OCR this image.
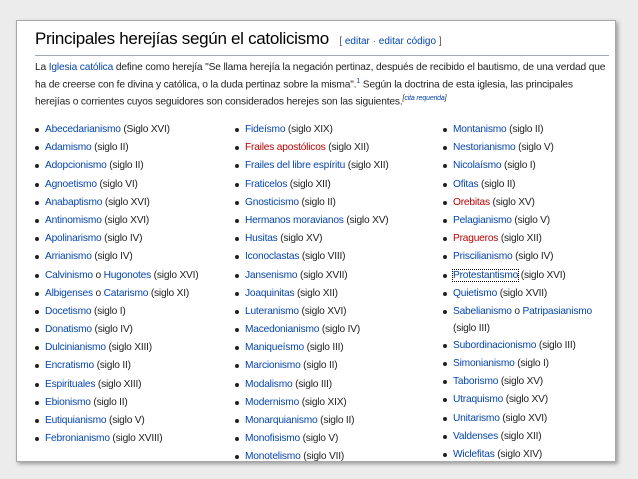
Principales herejías según el catolicismo [ editar · editar código ]

La Iglesia católica define como herejía "Se llama herejía la negación pertinaz, después de recibido el bautismo, de una verdad que ha de creerse con fe divina y católica, o la duda pertinaz sobre la misma".$^1$ Según la doctrina de esta iglesia, las principales herejías o corrientes cuyos seguidores son considerados herejes son las siguientes.[cita requerida]

Abecedarianismo (Siglo XVI)
Adamismo (siglo II)
Adopcionismo (siglo II)
Agnoetismo (siglo VI)
Anabaptismo (siglo XVI)
Antinomismo (siglo XVI)
Apolinarismo (siglo IV)
Arrianismo (siglo IV)
Calvinismo o Hugonotes (siglo XVI)
Albigenses o Catarismo (siglo XI)
Docetismo (siglo I)
Donatismo (siglo IV)
Dulcinianismo (siglo XIII)
Encratismo (siglo II)
Espirituales (siglo XIII)
Ebionismo (siglo II)
Eutiquianismo (siglo V)
Febronianismo (siglo XVIII)
Fideísmo (siglo XIX)
Frailes apostólicos (siglo XII)
Frailes del libre espíritu (siglo XII)
Fraticelos (siglo XII)
Gnosticismo (siglo II)
Hermanos moravianos (siglo XV)
Husitas (siglo XV)
Iconoclastas (siglo VIII)
Jansenismo (siglo XVII)
Joaquinitas (siglo XII)
Luteranismo (siglo XVI)
Macedonianismo (siglo IV)
Maniqueísmo (siglo III)
Marcionismo (siglo II)
Modalismo (siglo III)
Modernismo (siglo XIX)
Monarquianismo (siglo II)
Monofisismo (siglo V)
Monotelismo (siglo VII)
Montanismo (siglo II)
Nestorianismo (siglo V)
Nicolaísmo (siglo I)
Ofitas (siglo II)
Orebitas (siglo XV)
Pelagianismo (siglo V)
Pragueros (siglo XII)
Priscilianismo (siglo IV)
Protestantismo (siglo XVI)
Quietismo (siglo XVII)
Sabelianismo o Patripasianismo (siglo III)
Subordinacionismo (siglo III)
Simonianismo (siglo I)
Taborismo (siglo XV)
Utraquismo (siglo XV)
Unitarismo (siglo XVI)
Valdenses (siglo XII)
Wiclefitas (siglo XIV)
